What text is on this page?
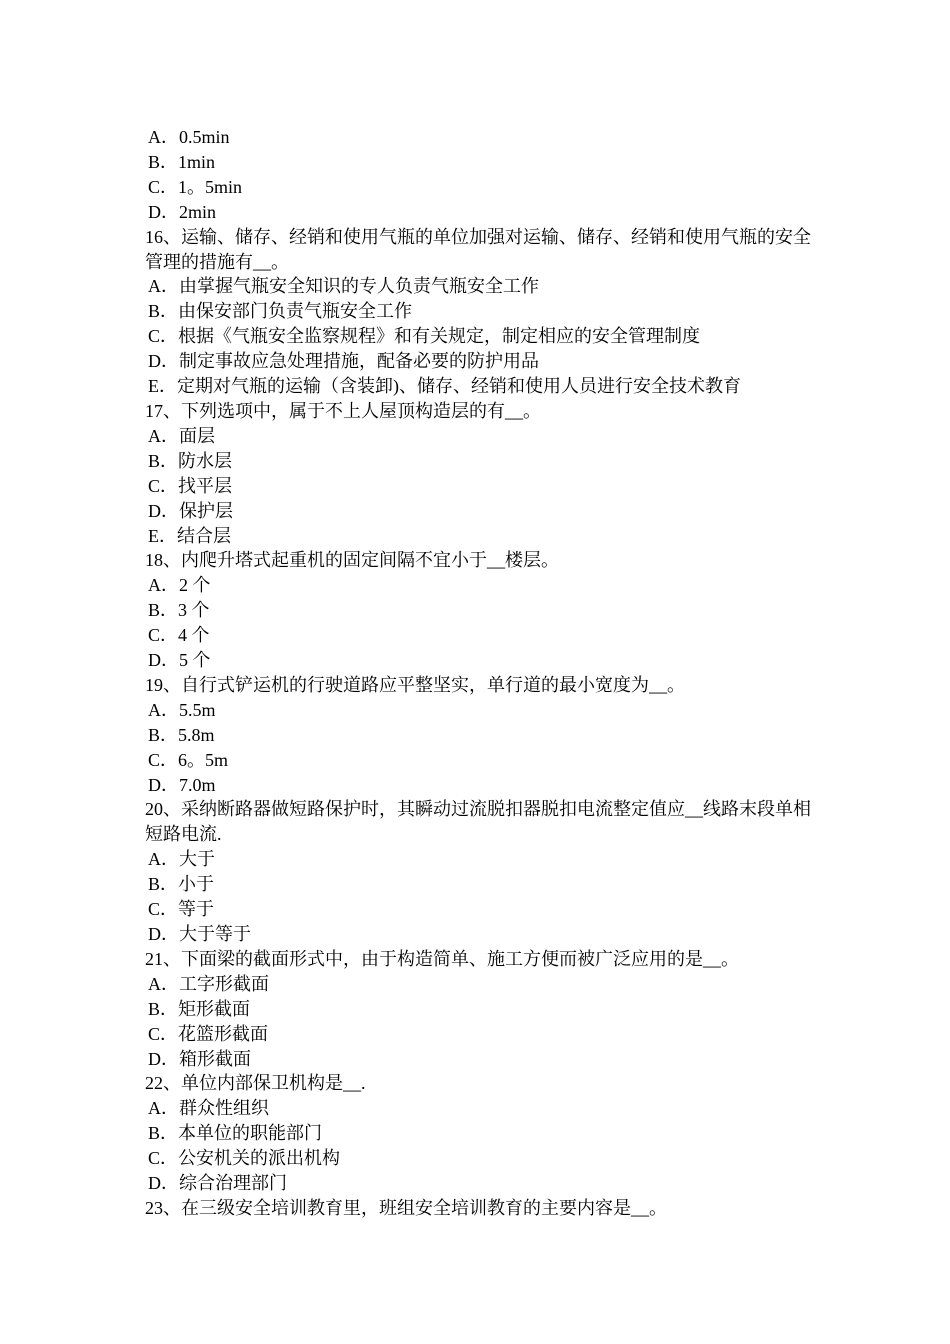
A．0.5min
B．1min
C．1。5min
D．2min
16、运输、储存、经销和使用气瓶的单位加强对运输、储存、经销和使用气瓶的安全管理的措施有__。
A．由掌握气瓶安全知识的专人负责气瓶安全工作
B．由保安部门负责气瓶安全工作
C．根据《气瓶安全监察规程》和有关规定，制定相应的安全管理制度
D．制定事故应急处理措施，配备必要的防护用品
E．定期对气瓶的运输（含装卸)、储存、经销和使用人员进行安全技术教育
17、下列选项中，属于不上人屋顶构造层的有__。
A．面层
B．防水层
C．找平层
D．保护层
E．结合层
18、内爬升塔式起重机的固定间隔不宜小于__楼层。
A．2 个
B．3 个
C．4 个
D．5 个
19、自行式铲运机的行驶道路应平整坚实，单行道的最小宽度为__。
A．5.5m
B．5.8m
C．6。5m
D．7.0m
20、采纳断路器做短路保护时，其瞬动过流脱扣器脱扣电流整定值应__线路末段单相短路电流.
A．大于
B．小于
C．等于
D．大于等于
21、下面梁的截面形式中，由于构造简单、施工方便而被广泛应用的是__。
A．工字形截面
B．矩形截面
C．花篮形截面
D．箱形截面
22、单位内部保卫机构是__.
A．群众性组织
B．本单位的职能部门
C．公安机关的派出机构
D．综合治理部门
23、在三级安全培训教育里，班组安全培训教育的主要内容是__。
